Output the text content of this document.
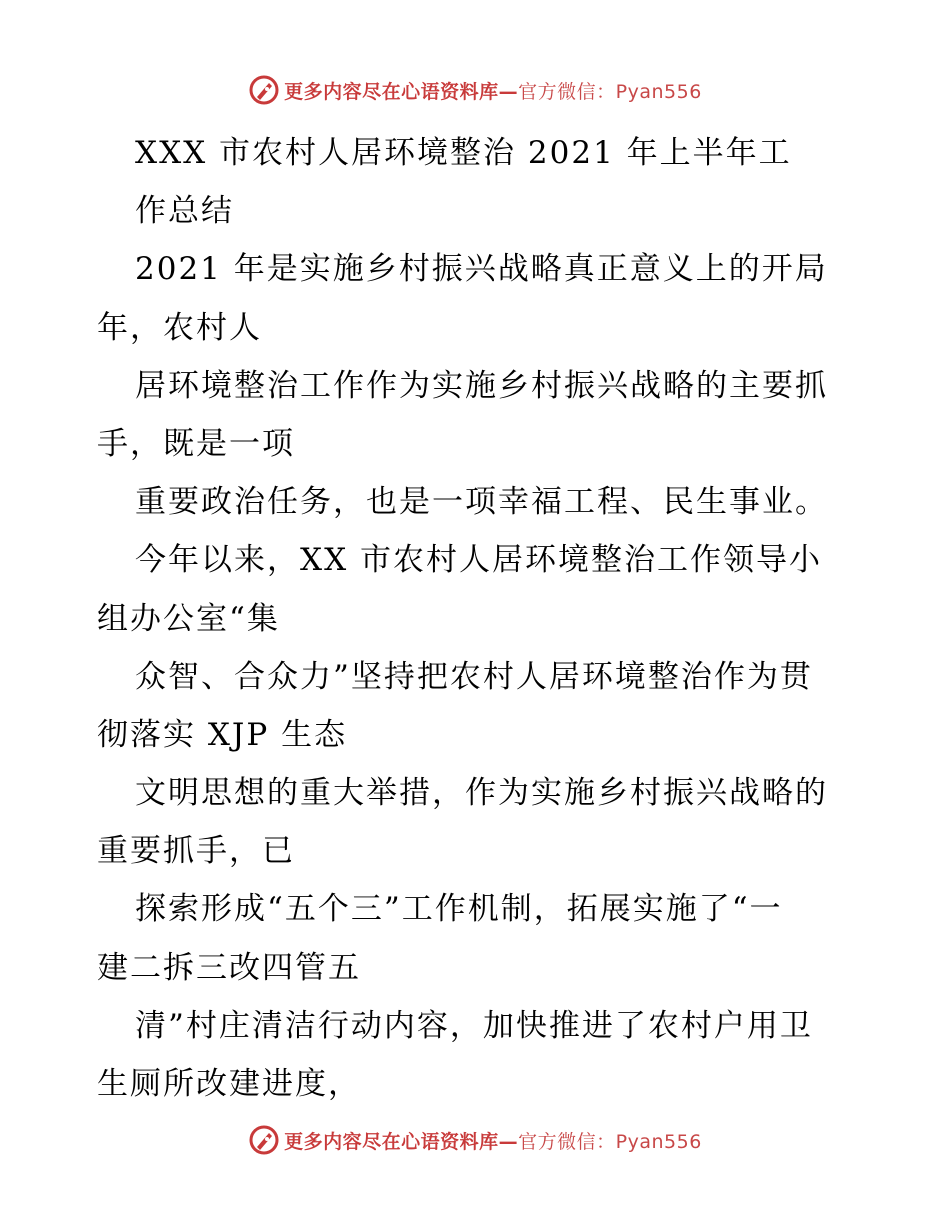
更多内容尽在心语资料库—官方微信：Pyan556
XXX 市农村人居环境整治 2021 年上半年工
作总结
2021 年是实施乡村振兴战略真正意义上的开局
年，农村人
居环境整治工作作为实施乡村振兴战略的主要抓
手，既是一项
重要政治任务，也是一项幸福工程、民生事业。
今年以来，XX 市农村人居环境整治工作领导小
组办公室“集
众智、合众力”坚持把农村人居环境整治作为贯
彻落实 XJP 生态
文明思想的重大举措，作为实施乡村振兴战略的
重要抓手，已
探索形成“五个三”工作机制，拓展实施了“一
建二拆三改四管五
清”村庄清洁行动内容，加快推进了农村户用卫
生厕所改建进度，
更多内容尽在心语资料库—官方微信：Pyan556
